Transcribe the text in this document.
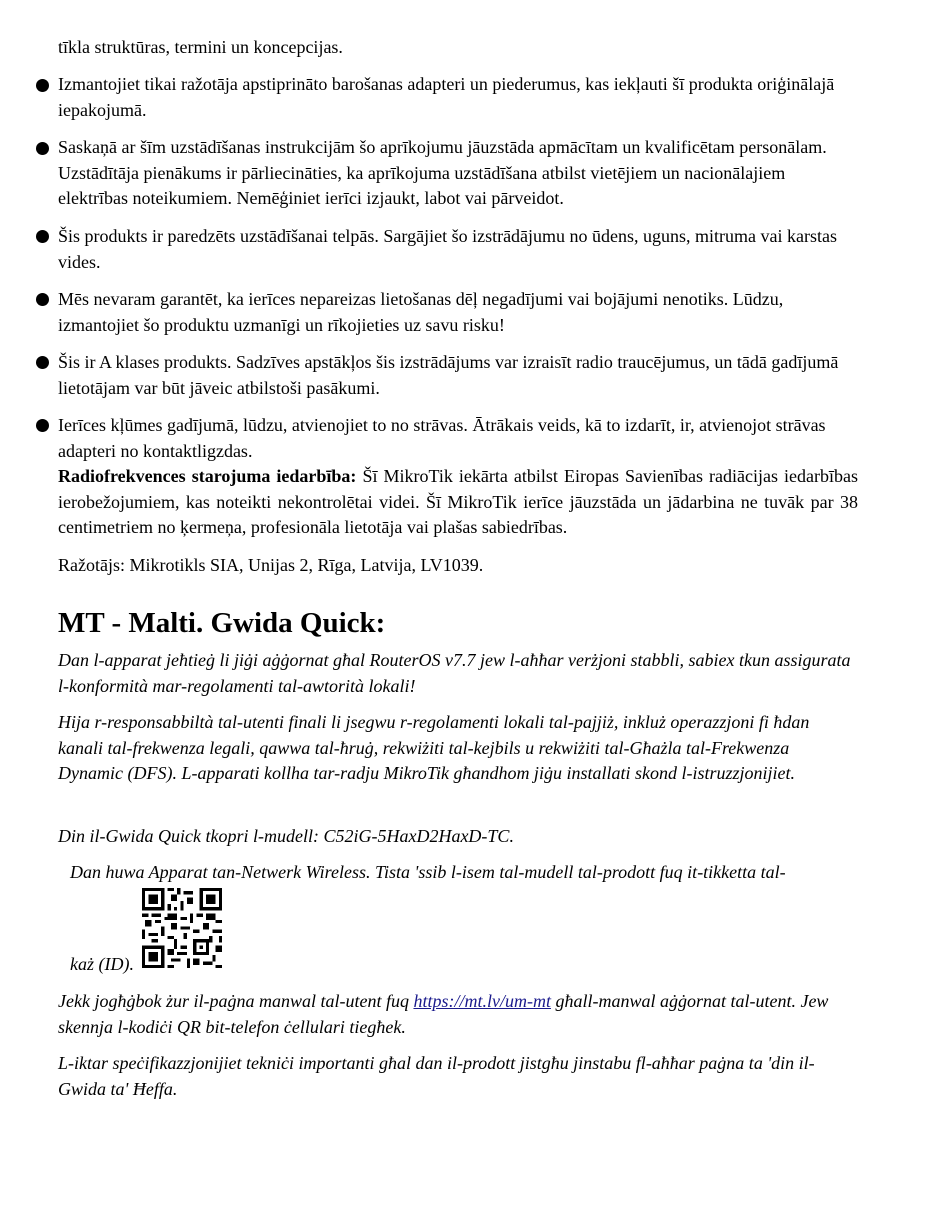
tīkla struktūras, termini un koncepcijas.

Izmantojiet tikai ražotāja apstiprināto barošanas adapteri un piederumus, kas iekļauti šī produkta oriģinālajā iepakojumā.

Saskaņā ar šīm uzstādīšanas instrukcijām šo aprīkojumu jāuzstāda apmācītam un kvalificētam personālam. Uzstādītāja pienākums ir pārliecināties, ka aprīkojuma uzstādīšana atbilst vietējiem un nacionālajiem elektrības noteikumiem. Nemēģiniet ierīci izjaukt, labot vai pārveidot.

Šis produkts ir paredzēts uzstādīšanai telpās. Sargājiet šo izstrādājumu no ūdens, uguns, mitruma vai karstas vides.

Mēs nevaram garantēt, ka ierīces nepareizas lietošanas dēļ negadījumi vai bojājumi nenotiks. Lūdzu, izmantojiet šo produktu uzmanīgi un rīkojieties uz savu risku!

Šis ir A klases produkts. Sadzīves apstākļos šis izstrādājums var izraisīt radio traucējumus, un tādā gadījumā lietotājam var būt jāveic atbilstoši pasākumi.

Ierīces kļūmes gadījumā, lūdzu, atvienojiet to no strāvas. Ātrākais veids, kā to izdarīt, ir, atvienojot strāvas adapteri no kontaktligzdas.

Radiofrekvences starojuma iedarbība: Šī MikroTik iekārta atbilst Eiropas Savienības radiācijas iedarbības ierobežojumiem, kas noteikti nekontrolētai videi. Šī MikroTik ierīce jāuzstāda un jādarbina ne tuvāk par 38 centimetriem no ķermeņa, profesionāla lietotāja vai plašas sabiedrības.

Ražotājs: Mikrotikls SIA, Unijas 2, Rīga, Latvija, LV1039.

MT - Malti. Gwida Quick:

Dan l-apparat jeħtieġ li jiġi aġġornat għal RouterOS v7.7 jew l-aħħar verżjoni stabbli, sabiex tkun assigurata l-konformità mar-regolamenti tal-awtorità lokali!

Hija r-responsabbiltà tal-utenti finali li jsegwu r-regolamenti lokali tal-pajjiż, inkluż operazzjoni fi ħdan kanali tal-frekwenza legali, qawwa tal-ħruġ, rekwiżiti tal-kejbils u rekwiżiti tal-Għażla tal-Frekwenza Dynamic (DFS). L-apparati kollha tar-radju MikroTik għandhom jiġu installati skond l-istruzzjonijiet.

Din il-Gwida Quick tkopri l-mudell: C52iG-5HaxD2HaxD-TC.

Dan huwa Apparat tan-Netwerk Wireless. Tista 'ssib l-isem tal-mudell tal-prodott fuq it-tikketta tal-

każ (ID).

Jekk jogħġbok żur il-paġna manwal tal-utent fuq https://mt.lv/um-mt għall-manwal aġġornat tal-utent. Jew skennja l-kodiċi QR bit-telefon ċellulari tiegħek.

L-iktar speċifikazzjonijiet tekniċi importanti għal dan il-prodott jistgħu jinstabu fl-aħħar paġna ta 'din il-Gwida ta' Ħeffa.
